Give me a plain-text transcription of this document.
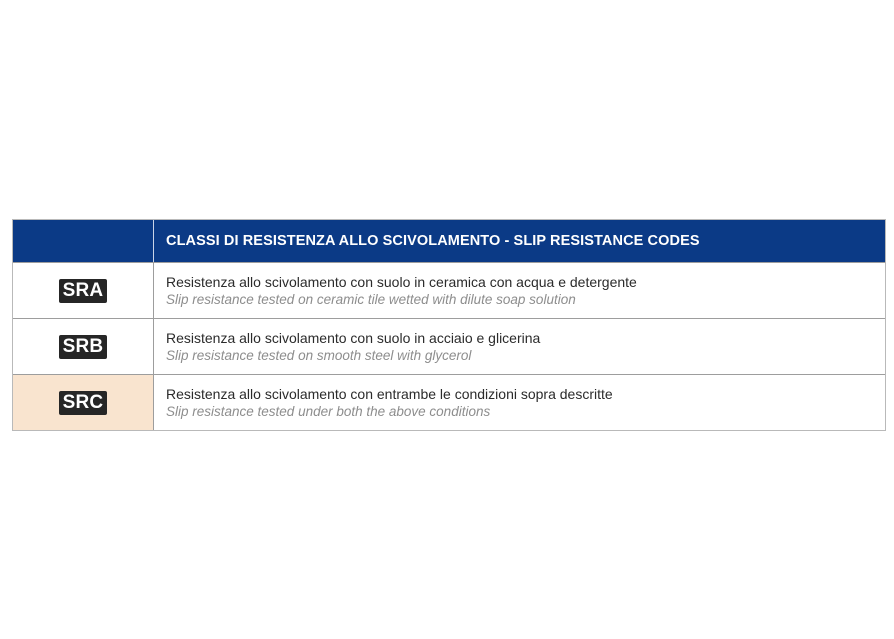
CLASSI DI RESISTENZA ALLO SCIVOLAMENTO - SLIP RESISTANCE CODES
SRA	Resistenza allo scivolamento con suolo in ceramica con acqua e detergente
Slip resistance tested on ceramic tile wetted with dilute soap solution
SRB	Resistenza allo scivolamento con suolo in acciaio e glicerina
Slip resistance tested on smooth steel with glycerol
SRC	Resistenza allo scivolamento con entrambe le condizioni sopra descritte
Slip resistance tested under both the above conditions
